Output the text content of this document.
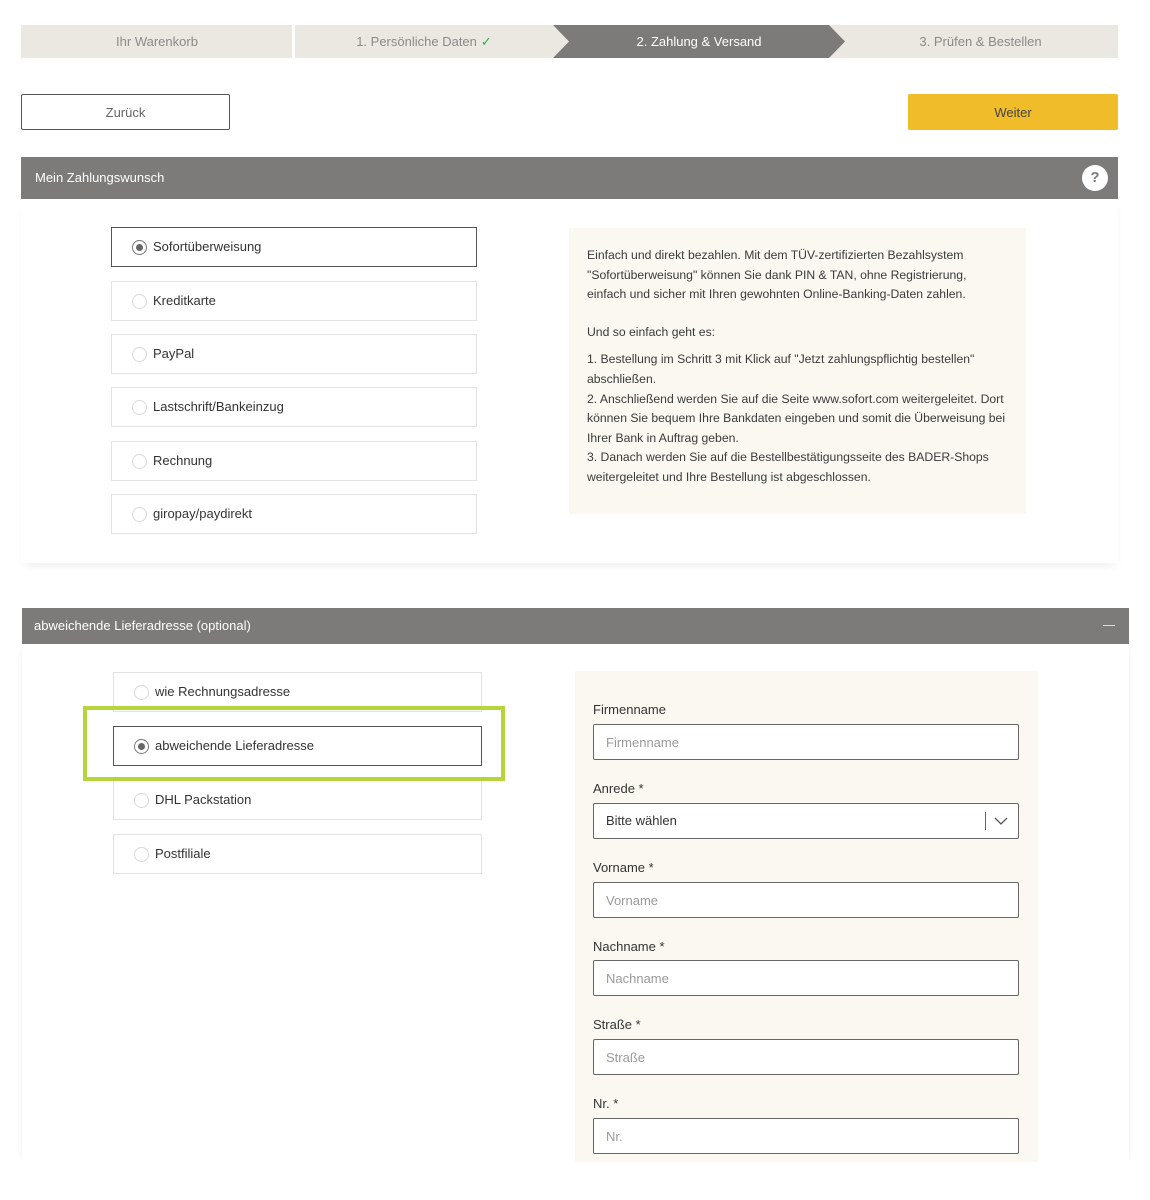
Ihr Warenkorb	1. Persönliche Daten ✓	2. Zahlung & Versand	3. Prüfen & Bestellen
Zurück	Weiter
Mein Zahlungswunsch	?
Sofortüberweisung
Kreditkarte
PayPal
Lastschrift/Bankeinzug
Rechnung
giropay/paydirekt

Einfach und direkt bezahlen. Mit dem TÜV-zertifizierten Bezahlsystem "Sofortüberweisung" können Sie dank PIN & TAN, ohne Registrierung, einfach und sicher mit Ihren gewohnten Online-Banking-Daten zahlen.

Und so einfach geht es:

1. Bestellung im Schritt 3 mit Klick auf "Jetzt zahlungspflichtig bestellen" abschließen.
2. Anschließend werden Sie auf die Seite www.sofort.com weitergeleitet. Dort können Sie bequem Ihre Bankdaten eingeben und somit die Überweisung bei Ihrer Bank in Auftrag geben.
3. Danach werden Sie auf die Bestellbestätigungsseite des BADER-Shops weitergeleitet und Ihre Bestellung ist abgeschlossen.
abweichende Lieferadresse (optional)
wie Rechnungsadresse
abweichende Lieferadresse
DHL Packstation
Postfiliale
Firmenname
Firmenname
Anrede *
Bitte wählen
Vorname *
Vorname
Nachname *
Nachname
Straße *
Straße
Nr. *
Nr.
